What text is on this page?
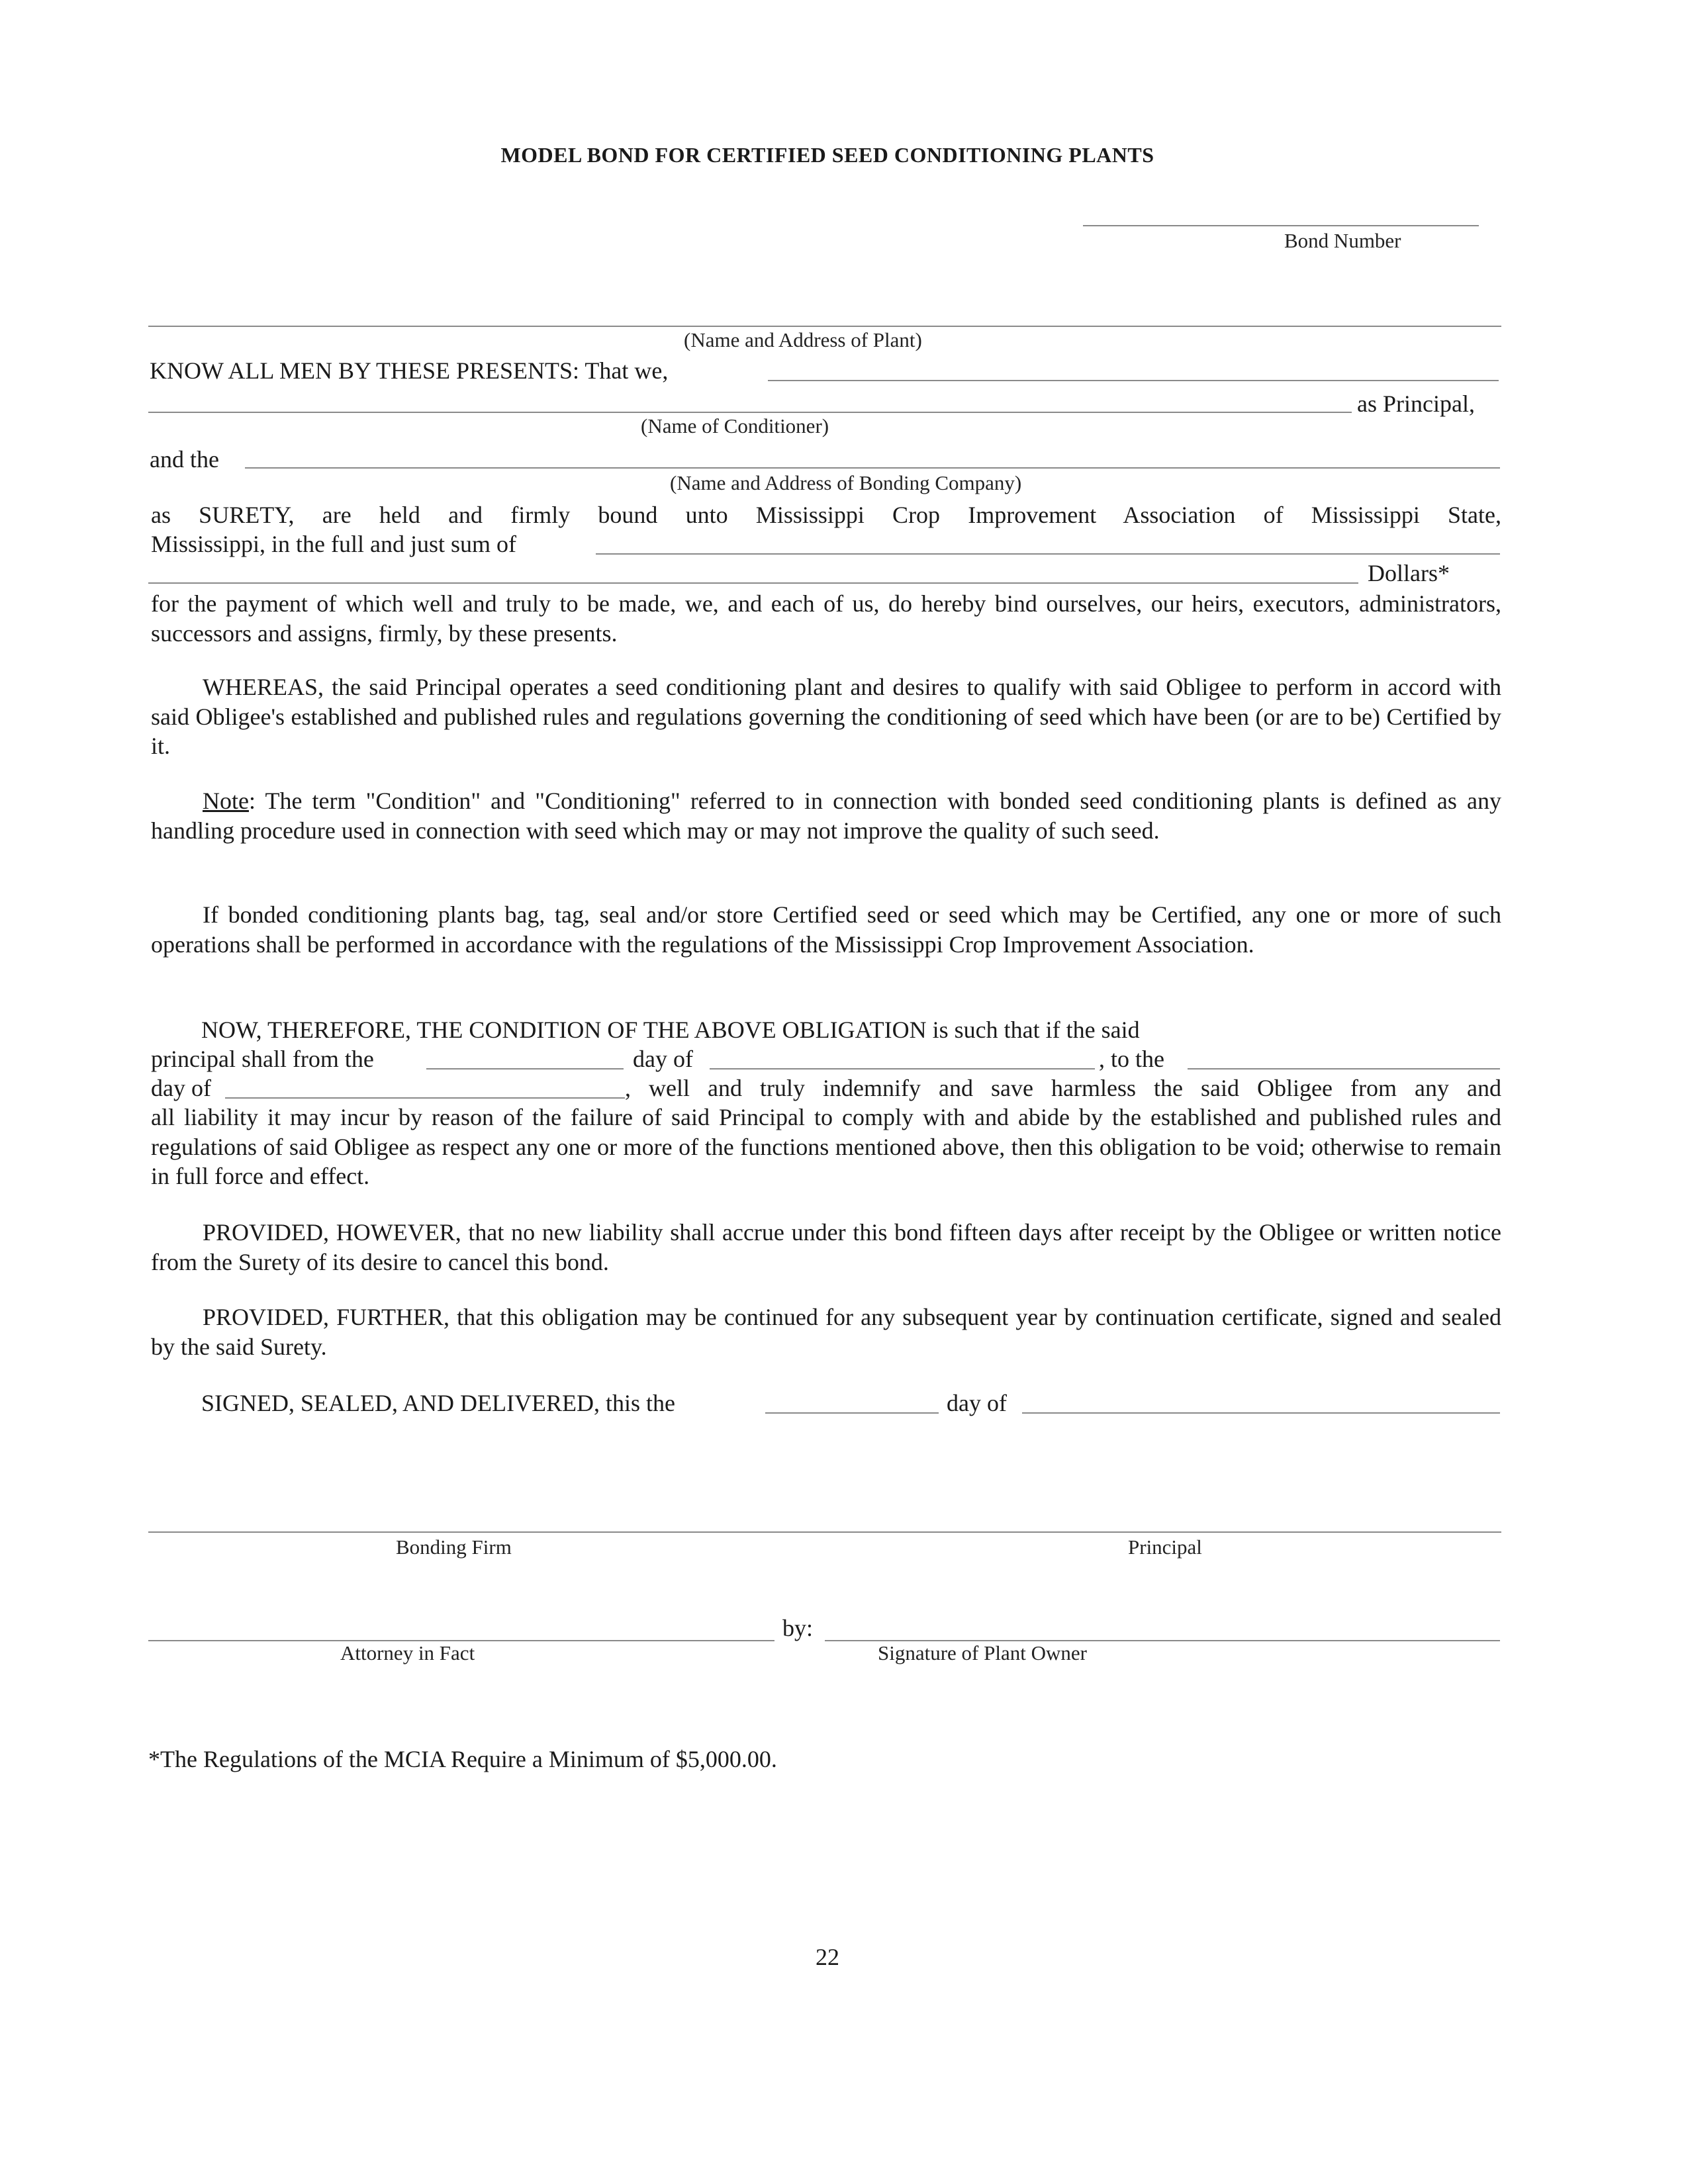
MODEL BOND FOR CERTIFIED SEED CONDITIONING PLANTS
Bond Number
(Name and Address of Plant)
KNOW ALL MEN BY THESE PRESENTS: That we,
as Principal,
(Name of Conditioner)
and the
(Name and Address of Bonding Company)
as SURETY, are held and firmly bound unto Mississippi Crop Improvement Association of Mississippi State,
Mississippi, in the full and just sum of
Dollars*
for the payment of which well and truly to be made, we, and each of us, do hereby bind ourselves, our heirs, executors, administrators, successors and assigns, firmly, by these presents.
WHEREAS, the said Principal operates a seed conditioning plant and desires to qualify with said Obligee to perform in accord with said Obligee's established and published rules and regulations governing the conditioning of seed which have been (or are to be) Certified by it.
Note: The term "Condition" and "Conditioning" referred to in connection with bonded seed conditioning plants is defined as any handling procedure used in connection with seed which may or may not improve the quality of such seed.
If bonded conditioning plants bag, tag, seal and/or store Certified seed or seed which may be Certified, any one or more of such operations shall be performed in accordance with the regulations of the Mississippi Crop Improvement Association.
NOW, THEREFORE, THE CONDITION OF THE ABOVE OBLIGATION is such that if the said
principal shall from the	day of	, to the
day of	, well and truly indemnify and save harmless the said Obligee from any and
all liability it may incur by reason of the failure of said Principal to comply with and abide by the established and published rules and regulations of said Obligee as respect any one or more of the functions mentioned above, then this obligation to be void; otherwise to remain in full force and effect.
PROVIDED, HOWEVER, that no new liability shall accrue under this bond fifteen days after receipt by the Obligee or written notice from the Surety of its desire to cancel this bond.
PROVIDED, FURTHER, that this obligation may be continued for any subsequent year by continuation certificate, signed and sealed by the said Surety.
SIGNED, SEALED, AND DELIVERED, this the	day of
Bonding Firm	Principal
by:
Attorney in Fact	Signature of Plant Owner
*The Regulations of the MCIA Require a Minimum of $5,000.00.
22
